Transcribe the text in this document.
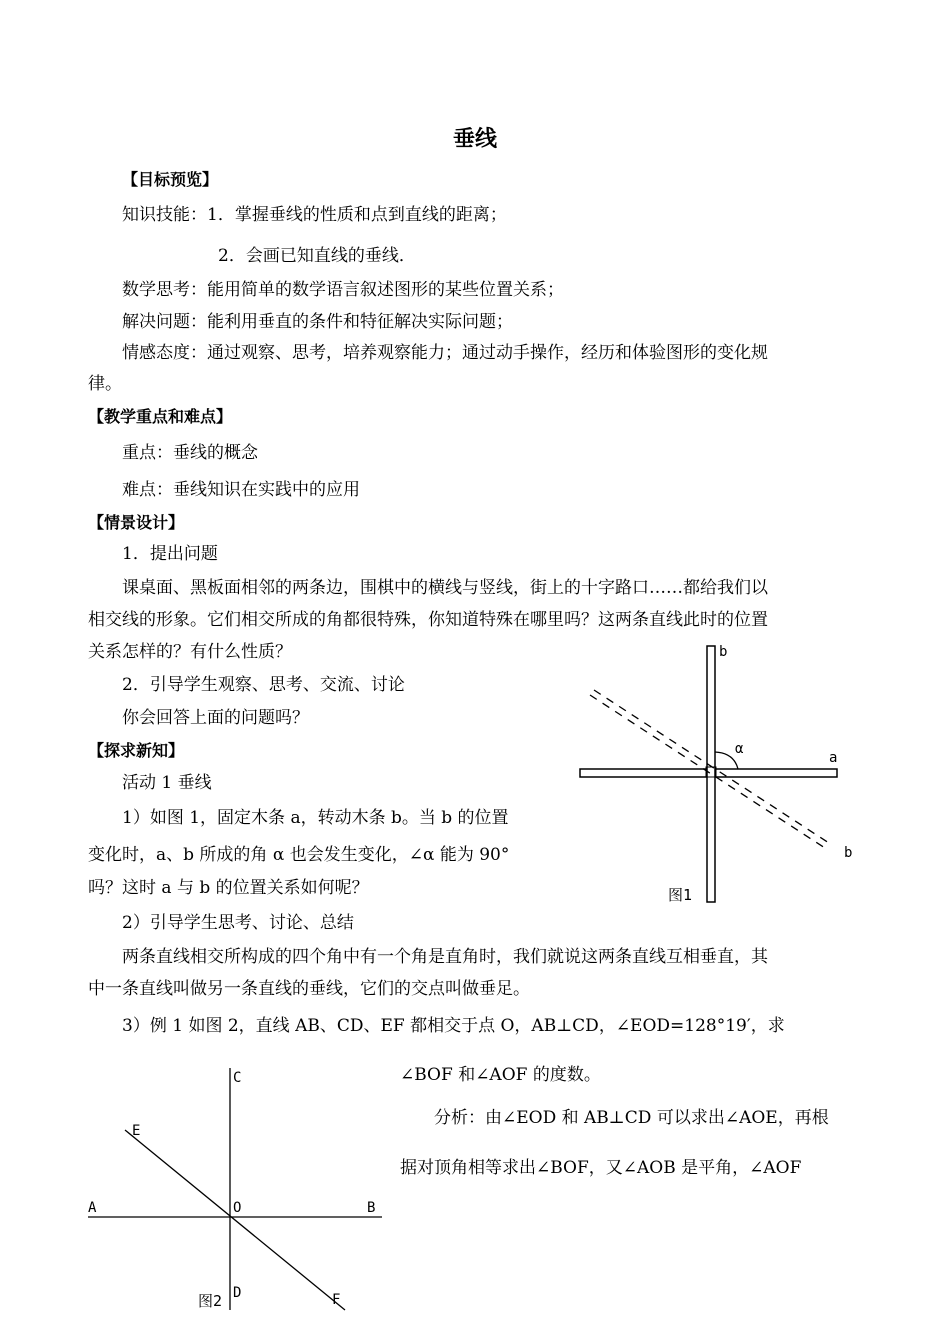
垂线
【目标预览】
知识技能：1．掌握垂线的性质和点到直线的距离；
2．会画已知直线的垂线．
数学思考：能用简单的数学语言叙述图形的某些位置关系；
解决问题：能利用垂直的条件和特征解决实际问题；
情感态度：通过观察、思考，培养观察能力；通过动手操作，经历和体验图形的变化规
律。
【教学重点和难点】
重点：垂线的概念
难点：垂线知识在实践中的应用
【情景设计】
1．提出问题
课桌面、黑板面相邻的两条边，围棋中的横线与竖线，街上的十字路口……都给我们以
相交线的形象。它们相交所成的角都很特殊，你知道特殊在哪里吗？这两条直线此时的位置
关系怎样的？有什么性质？
2．引导学生观察、思考、交流、讨论
你会回答上面的问题吗？
【探求新知】
活动 1 垂线
1）如图 1，固定木条 a，转动木条 b。当 b 的位置
变化时，a、b 所成的角 α 也会发生变化，∠α 能为 90°
吗？这时 a 与 b 的位置关系如何呢？
2）引导学生思考、讨论、总结
两条直线相交所构成的四个角中有一个角是直角时，我们就说这两条直线互相垂直，其
中一条直线叫做另一条直线的垂线，它们的交点叫做垂足。
3）例 1 如图 2，直线 AB、CD、EF 都相交于点 O，AB⊥CD，∠EOD=128°19′，求
∠BOF 和∠AOF 的度数。
分析：由∠EOD 和 AB⊥CD 可以求出∠AOE，再根
据对顶角相等求出∠BOF，又∠AOB 是平角，∠AOF
b
a
α
b
图1
C
E
A	O	B
D	F
图2
